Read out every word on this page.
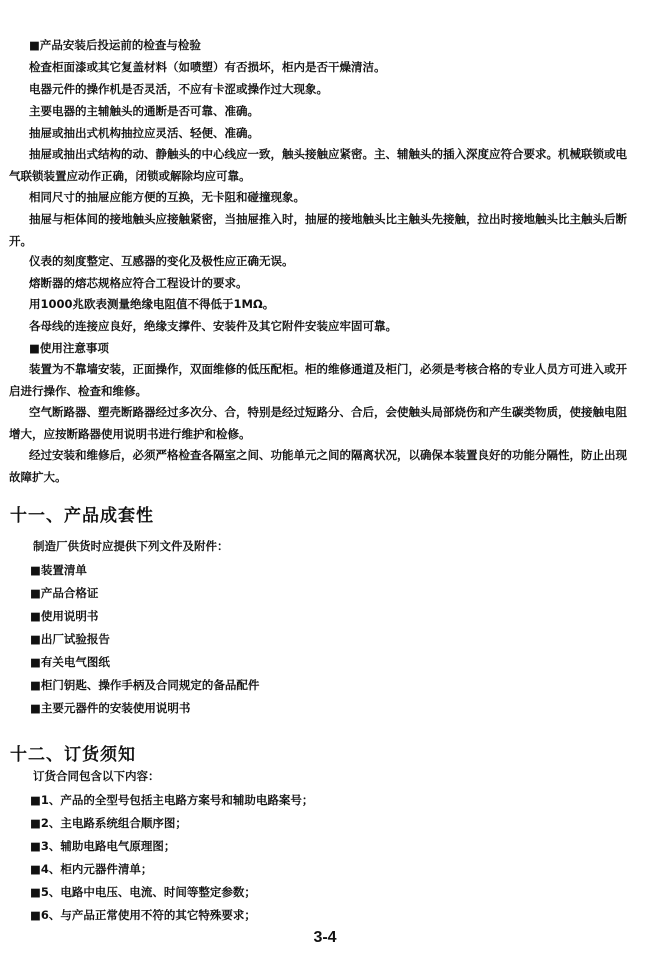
■产品安装后投运前的检查与检验

检查柜面漆或其它复盖材料（如喷塑）有否损坏，柜内是否干燥清洁。

电器元件的操作机是否灵活，不应有卡涩或操作过大现象。

主要电器的主辅触头的通断是否可靠、准确。

抽屉或抽出式机构抽拉应灵活、轻便、准确。

抽屉或抽出式结构的动、静触头的中心线应一致，触头接触应紧密。主、辅触头的插入深度应符合要求。机械联锁或电气联锁装置应动作正确，闭锁或解除均应可靠。

相同尺寸的抽屉应能方便的互换，无卡阻和碰撞现象。

抽屉与柜体间的接地触头应接触紧密，当抽屉推入时，抽屉的接地触头比主触头先接触，拉出时接地触头比主触头后断开。

仪表的刻度整定、互感器的变化及极性应正确无误。

熔断器的熔芯规格应符合工程设计的要求。

用1000兆欧表测量绝缘电阻值不得低于1MΩ。

各母线的连接应良好，绝缘支撑件、安装件及其它附件安装应牢固可靠。

■使用注意事项

装置为不靠墙安装，正面操作，双面维修的低压配柜。柜的维修通道及柜门，必须是考核合格的专业人员方可进入或开启进行操作、检查和维修。

空气断路器、塑壳断路器经过多次分、合，特别是经过短路分、合后，会使触头局部烧伤和产生碳类物质，使接触电阻增大，应按断路器使用说明书进行维护和检修。

经过安装和维修后，必须严格检查各隔室之间、功能单元之间的隔离状况，以确保本装置良好的功能分隔性，防止出现故障扩大。

十一、产品成套性

制造厂供货时应提供下列文件及附件：

■装置清单

■产品合格证

■使用说明书

■出厂试验报告

■有关电气图纸

■柜门钥匙、操作手柄及合同规定的备品配件

■主要元器件的安装使用说明书

十二、订货须知

订货合同包含以下内容：

■1、产品的全型号包括主电路方案号和辅助电路案号；

■2、主电路系统组合顺序图；

■3、辅助电路电气原理图；

■4、柜内元器件清单；

■5、电路中电压、电流、时间等整定参数；

■6、与产品正常使用不符的其它特殊要求；

3-4
